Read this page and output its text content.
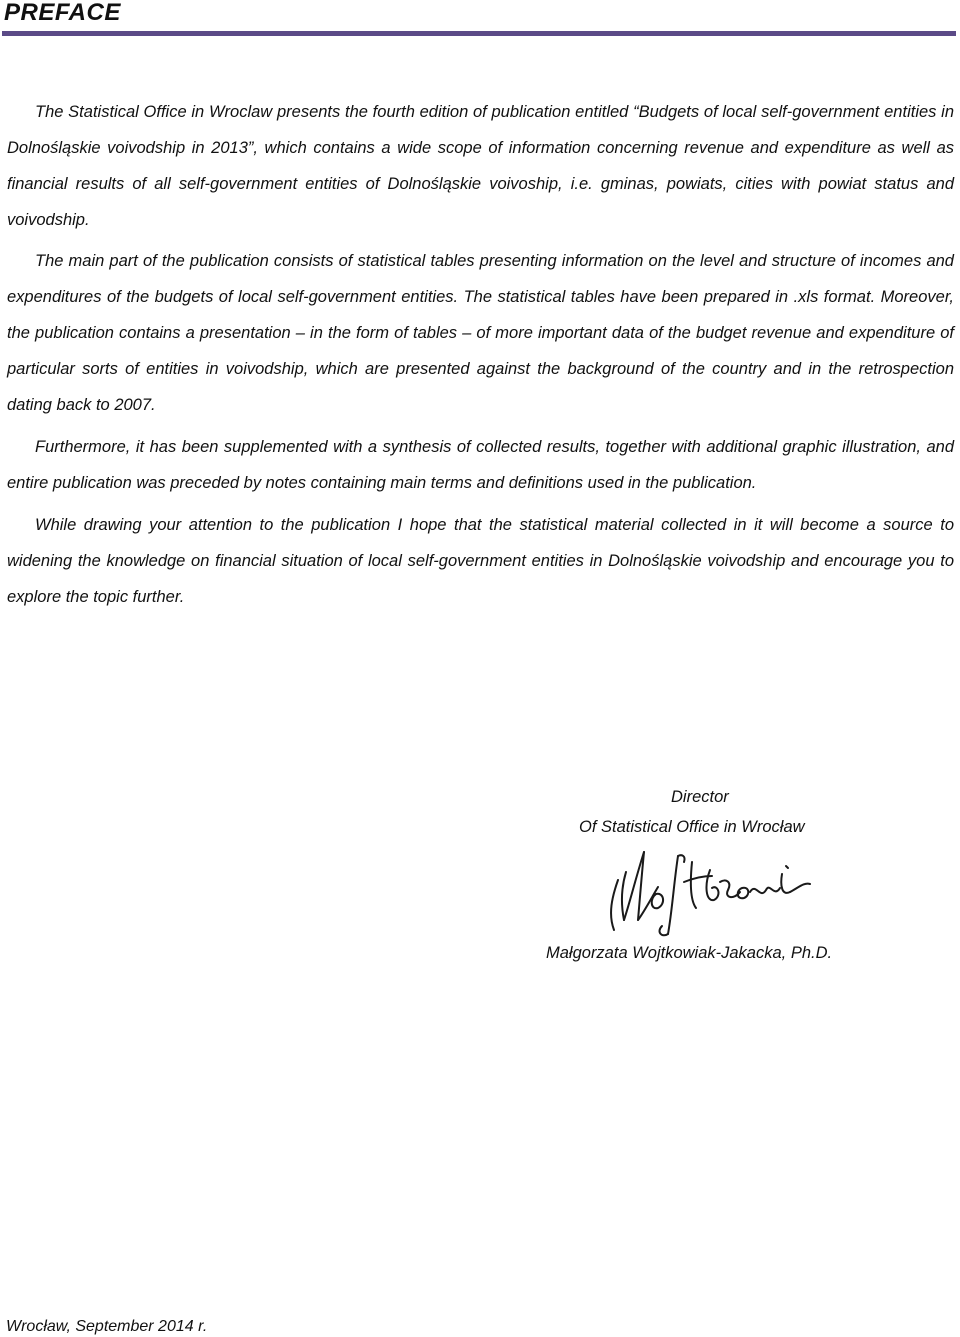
PREFACE

The Statistical Office in Wroclaw presents the fourth edition of publication entitled “Budgets of local self-government entities in Dolnośląskie voivodship in 2013”, which contains a wide scope of information concerning revenue and expenditure as well as financial results of all self-government entities of Dolnośląskie voivoship, i.e. gminas, powiats, cities with powiat status and voivodship.

The main part of the publication consists of statistical tables presenting information on the level and structure of incomes and expenditures of the budgets of local self-government entities. The statistical tables have been prepared in .xls format. Moreover, the publication contains a presentation – in the form of tables – of more important data of the budget revenue and expenditure of particular sorts of entities in voivodship, which are presented against the background of the country and in the retrospection dating back to 2007.

Furthermore, it has been supplemented with a synthesis of collected results, together with additional graphic illustration, and entire publication was preceded by notes containing main terms and definitions used in the publication.

While drawing your attention to the publication I hope that the statistical material collected in it will become a source to widening the knowledge on financial situation of local self-government entities in Dolnośląskie voivodship and encourage you to explore the topic further.

Director
Of Statistical Office in Wrocław
Małgorzata Wojtkowiak-Jakacka, Ph.D.
Wrocław, September 2014 r.
